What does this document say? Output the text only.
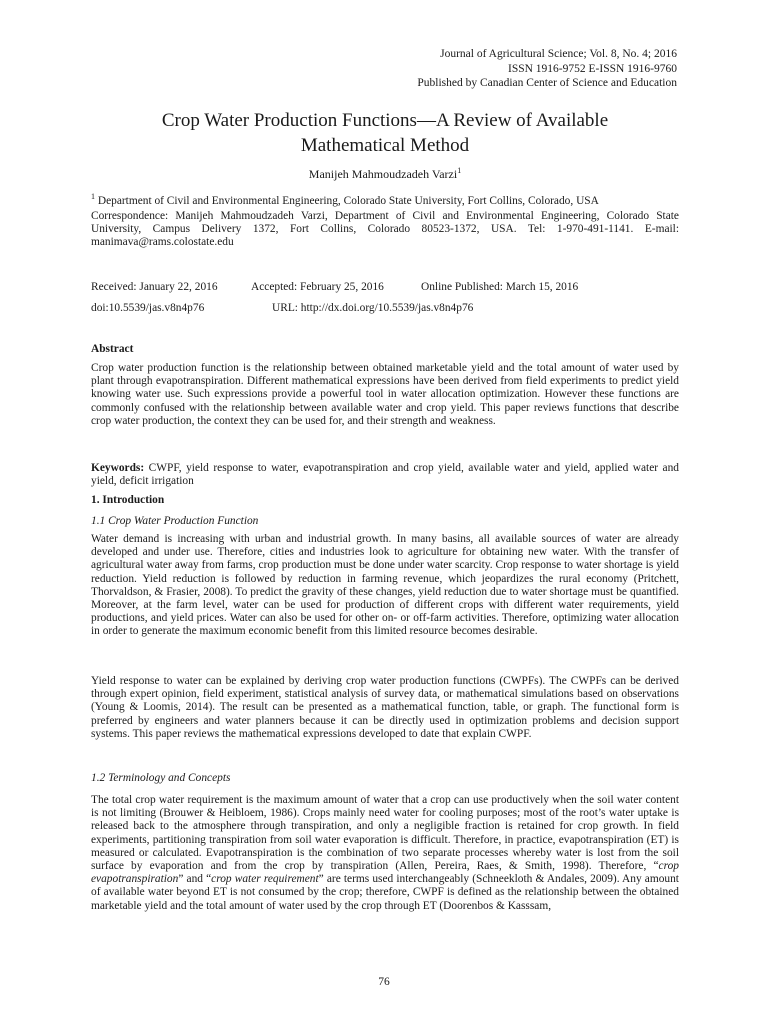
Journal of Agricultural Science; Vol. 8, No. 4; 2016
ISSN 1916-9752 E-ISSN 1916-9760
Published by Canadian Center of Science and Education
Crop Water Production Functions—A Review of Available
Mathematical Method
Manijeh Mahmoudzadeh Varzi$^1$
$^1$ Department of Civil and Environmental Engineering, Colorado State University, Fort Collins, Colorado, USA
Correspondence: Manijeh Mahmoudzadeh Varzi, Department of Civil and Environmental Engineering, Colorado State University, Campus Delivery 1372, Fort Collins, Colorado 80523-1372, USA. Tel: 1-970-491-1141. E-mail: manimava@rams.colostate.edu
Received: January 22, 2016	Accepted: February 25, 2016	Online Published: March 15, 2016
doi:10.5539/jas.v8n4p76	URL: http://dx.doi.org/10.5539/jas.v8n4p76
Abstract

Crop water production function is the relationship between obtained marketable yield and the total amount of water used by plant through evapotranspiration. Different mathematical expressions have been derived from field experiments to predict yield knowing water use. Such expressions provide a powerful tool in water allocation optimization. However these functions are commonly confused with the relationship between available water and crop yield. This paper reviews functions that describe crop water production, the context they can be used for, and their strength and weakness.

Keywords: CWPF, yield response to water, evapotranspiration and crop yield, available water and yield, applied water and yield, deficit irrigation

1. Introduction
1.1 Crop Water Production Function

Water demand is increasing with urban and industrial growth. In many basins, all available sources of water are already developed and under use. Therefore, cities and industries look to agriculture for obtaining new water. With the transfer of agricultural water away from farms, crop production must be done under water scarcity. Crop response to water shortage is yield reduction. Yield reduction is followed by reduction in farming revenue, which jeopardizes the rural economy (Pritchett, Thorvaldson, & Frasier, 2008). To predict the gravity of these changes, yield reduction due to water shortage must be quantified. Moreover, at the farm level, water can be used for production of different crops with different water requirements, yield productions, and yield prices. Water can also be used for other on- or off-farm activities. Therefore, optimizing water allocation in order to generate the maximum economic benefit from this limited resource becomes desirable.

Yield response to water can be explained by deriving crop water production functions (CWPFs). The CWPFs can be derived through expert opinion, field experiment, statistical analysis of survey data, or mathematical simulations based on observations (Young & Loomis, 2014). The result can be presented as a mathematical function, table, or graph. The functional form is preferred by engineers and water planners because it can be directly used in optimization problems and decision support systems. This paper reviews the mathematical expressions developed to date that explain CWPF.

1.2 Terminology and Concepts

The total crop water requirement is the maximum amount of water that a crop can use productively when the soil water content is not limiting (Brouwer & Heibloem, 1986). Crops mainly need water for cooling purposes; most of the root’s water uptake is released back to the atmosphere through transpiration, and only a negligible fraction is retained for crop growth. In field experiments, partitioning transpiration from soil water evaporation is difficult. Therefore, in practice, evapotranspiration (ET) is measured or calculated. Evapotranspiration is the combination of two separate processes whereby water is lost from the soil surface by evaporation and from the crop by transpiration (Allen, Pereira, Raes, & Smith, 1998). Therefore, “crop evapotranspiration” and “crop water requirement” are terms used interchangeably (Schneekloth & Andales, 2009). Any amount of available water beyond ET is not consumed by the crop; therefore, CWPF is defined as the relationship between the obtained marketable yield and the total amount of water used by the crop through ET (Doorenbos & Kasssam,

76
